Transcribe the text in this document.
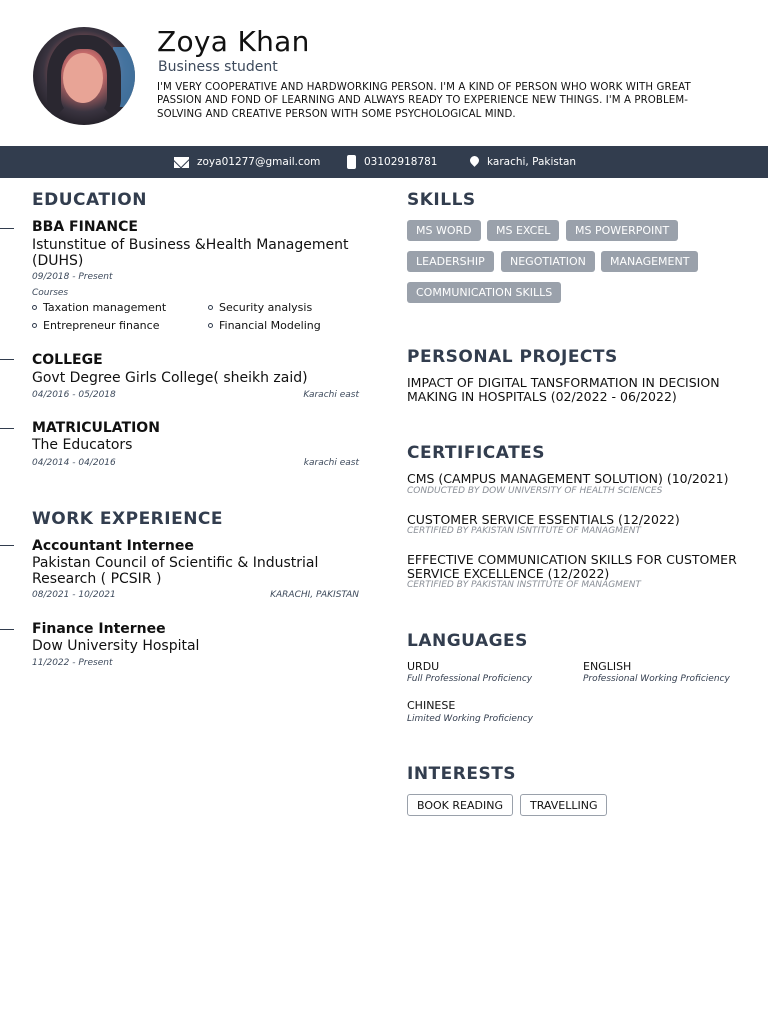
Zoya Khan
Business student
I'M VERY COOPERATIVE AND HARDWORKING PERSON. I'M A KIND OF PERSON WHO WORK WITH GREAT PASSION AND FOND OF LEARNING AND ALWAYS READY TO EXPERIENCE NEW THINGS. I'M A PROBLEM-SOLVING AND CREATIVE PERSON WITH SOME PSYCHOLOGICAL MIND.
zoya01277@gmail.com	03102918781	karachi, Pakistan
EDUCATION
BBA FINANCE
Istunstitue of Business &Health Management (DUHS)
09/2018 - Present
Courses
Taxation management	Security analysis
Entrepreneur finance	Financial Modeling
COLLEGE
Govt Degree Girls College( sheikh zaid)
04/2016 - 05/2018	Karachi east
MATRICULATION
The Educators
04/2014 - 04/2016	karachi east
WORK EXPERIENCE
Accountant Internee
Pakistan Council of Scientific & Industrial Research ( PCSIR )
08/2021 - 10/2021	KARACHI, PAKISTAN
Finance Internee
Dow University Hospital
11/2022 - Present
SKILLS
MS WORD	MS EXCEL	MS POWERPOINT
LEADERSHIP	NEGOTIATION	MANAGEMENT
COMMUNICATION SKILLS
PERSONAL PROJECTS
IMPACT OF DIGITAL TANSFORMATION IN DECISION MAKING IN HOSPITALS (02/2022 - 06/2022)
CERTIFICATES
CMS (CAMPUS MANAGEMENT SOLUTION) (10/2021)
CONDUCTED BY DOW UNIVERSITY OF HEALTH SCIENCES
CUSTOMER SERVICE ESSENTIALS (12/2022)
CERTIFIED BY PAKISTAN ISNTITUTE OF MANAGMENT
EFFECTIVE COMMUNICATION SKILLS FOR CUSTOMER SERVICE EXCELLENCE (12/2022)
CERTIFIED BY PAKISTAN INSTITUTE OF MANAGMENT
LANGUAGES
URDU
Full Professional Proficiency
ENGLISH
Professional Working Proficiency
CHINESE
Limited Working Proficiency
INTERESTS
BOOK READING	TRAVELLING
